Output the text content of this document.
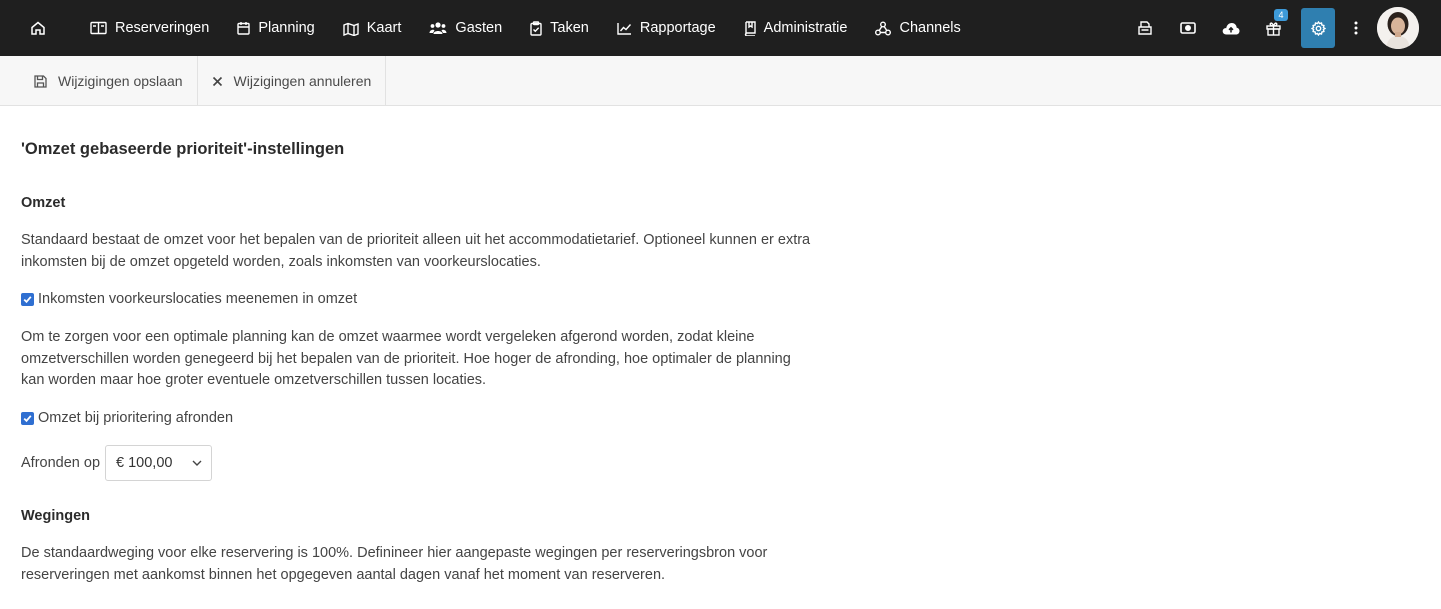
Reserveringen	Planning	Kaart	Gasten	Taken	Rapportage	Administratie	Channels
4
Wijzigingen opslaan	Wijzigingen annuleren
'Omzet gebaseerde prioriteit'-instellingen
Omzet
Standaard bestaat de omzet voor het bepalen van de prioriteit alleen uit het accommodatietarief. Optioneel kunnen er extra inkomsten bij de omzet opgeteld worden, zoals inkomsten van voorkeurslocaties.
Inkomsten voorkeurslocaties meenemen in omzet
Om te zorgen voor een optimale planning kan de omzet waarmee wordt vergeleken afgerond worden, zodat kleine omzetverschillen worden genegeerd bij het bepalen van de prioriteit. Hoe hoger de afronding, hoe optimaler de planning kan worden maar hoe groter eventuele omzetverschillen tussen locaties.
Omzet bij prioritering afronden
Afronden op € 100,00
Wegingen
De standaardweging voor elke reservering is 100%. Definineer hier aangepaste wegingen per reserveringsbron voor reserveringen met aankomst binnen het opgegeven aantal dagen vanaf het moment van reserveren.
